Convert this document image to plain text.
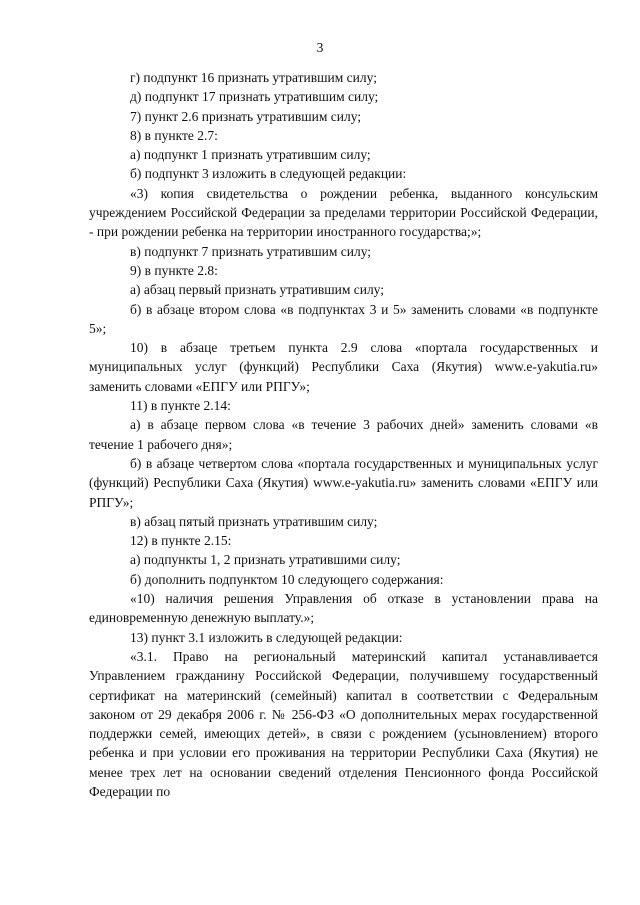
3

г) подпункт 16 признать утратившим силу;

д) подпункт 17 признать утратившим силу;

7) пункт 2.6 признать утратившим силу;

8) в пункте 2.7:

а) подпункт 1 признать утратившим силу;

б) подпункт 3 изложить в следующей редакции:

«3) копия свидетельства о рождении ребенка, выданного консульским учреждением Российской Федерации за пределами территории Российской Федерации, - при рождении ребенка на территории иностранного государства;»;

в) подпункт 7 признать утратившим силу;

9) в пункте 2.8:

а) абзац первый признать утратившим силу;

б) в абзаце втором слова «в подпунктах 3 и 5» заменить словами «в подпункте 5»;

10) в абзаце третьем пункта 2.9 слова «портала государственных и муниципальных услуг (функций) Республики Саха (Якутия) www.e-yakutia.ru» заменить словами «ЕПГУ или РПГУ»;

11) в пункте 2.14:

а) в абзаце первом слова «в течение 3 рабочих дней» заменить словами «в течение 1 рабочего дня»;

б) в абзаце четвертом слова «портала государственных и муниципальных услуг (функций) Республики Саха (Якутия) www.e-yakutia.ru» заменить словами «ЕПГУ или РПГУ»;

в) абзац пятый признать утратившим силу;

12) в пункте 2.15:

а) подпункты 1, 2 признать утратившими силу;

б) дополнить подпунктом 10 следующего содержания:

«10) наличия решения Управления об отказе в установлении права на единовременную денежную выплату.»;

13) пункт 3.1 изложить в следующей редакции:

«3.1. Право на региональный материнский капитал устанавливается Управлением гражданину Российской Федерации, получившему государственный сертификат на материнский (семейный) капитал в соответствии с Федеральным законом от 29 декабря 2006 г. № 256-ФЗ «О дополнительных мерах государственной поддержки семей, имеющих детей», в связи с рождением (усыновлением) второго ребенка и при условии его проживания на территории Республики Саха (Якутия) не менее трех лет на основании сведений отделения Пенсионного фонда Российской Федерации по
